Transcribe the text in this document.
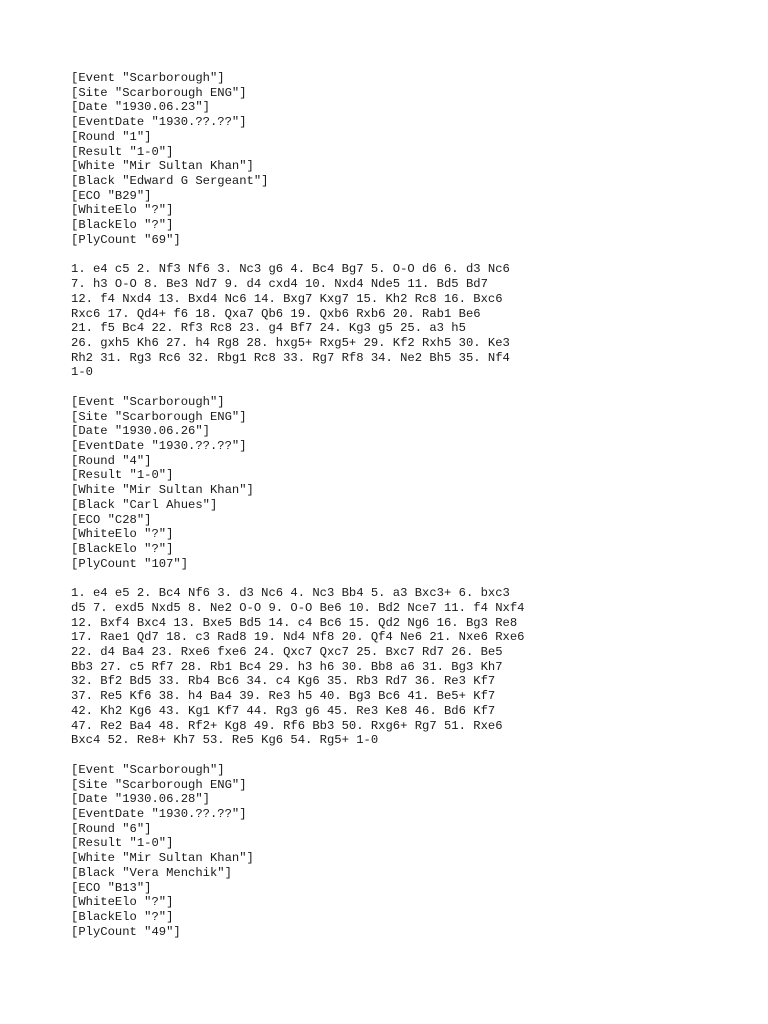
[Event "Scarborough"]
[Site "Scarborough ENG"]
[Date "1930.06.23"]
[EventDate "1930.??.??"]
[Round "1"]
[Result "1-0"]
[White "Mir Sultan Khan"]
[Black "Edward G Sergeant"]
[ECO "B29"]
[WhiteElo "?"]
[BlackElo "?"]
[PlyCount "69"]
1. e4 c5 2. Nf3 Nf6 3. Nc3 g6 4. Bc4 Bg7 5. O-O d6 6. d3 Nc6
7. h3 O-O 8. Be3 Nd7 9. d4 cxd4 10. Nxd4 Nde5 11. Bd5 Bd7
12. f4 Nxd4 13. Bxd4 Nc6 14. Bxg7 Kxg7 15. Kh2 Rc8 16. Bxc6
Rxc6 17. Qd4+ f6 18. Qxa7 Qb6 19. Qxb6 Rxb6 20. Rab1 Be6
21. f5 Bc4 22. Rf3 Rc8 23. g4 Bf7 24. Kg3 g5 25. a3 h5
26. gxh5 Kh6 27. h4 Rg8 28. hxg5+ Rxg5+ 29. Kf2 Rxh5 30. Ke3
Rh2 31. Rg3 Rc6 32. Rbg1 Rc8 33. Rg7 Rf8 34. Ne2 Bh5 35. Nf4
1-0
[Event "Scarborough"]
[Site "Scarborough ENG"]
[Date "1930.06.26"]
[EventDate "1930.??.??"]
[Round "4"]
[Result "1-0"]
[White "Mir Sultan Khan"]
[Black "Carl Ahues"]
[ECO "C28"]
[WhiteElo "?"]
[BlackElo "?"]
[PlyCount "107"]
1. e4 e5 2. Bc4 Nf6 3. d3 Nc6 4. Nc3 Bb4 5. a3 Bxc3+ 6. bxc3
d5 7. exd5 Nxd5 8. Ne2 O-O 9. O-O Be6 10. Bd2 Nce7 11. f4 Nxf4
12. Bxf4 Bxc4 13. Bxe5 Bd5 14. c4 Bc6 15. Qd2 Ng6 16. Bg3 Re8
17. Rae1 Qd7 18. c3 Rad8 19. Nd4 Nf8 20. Qf4 Ne6 21. Nxe6 Rxe6
22. d4 Ba4 23. Rxe6 fxe6 24. Qxc7 Qxc7 25. Bxc7 Rd7 26. Be5
Bb3 27. c5 Rf7 28. Rb1 Bc4 29. h3 h6 30. Bb8 a6 31. Bg3 Kh7
32. Bf2 Bd5 33. Rb4 Bc6 34. c4 Kg6 35. Rb3 Rd7 36. Re3 Kf7
37. Re5 Kf6 38. h4 Ba4 39. Re3 h5 40. Bg3 Bc6 41. Be5+ Kf7
42. Kh2 Kg6 43. Kg1 Kf7 44. Rg3 g6 45. Re3 Ke8 46. Bd6 Kf7
47. Re2 Ba4 48. Rf2+ Kg8 49. Rf6 Bb3 50. Rxg6+ Rg7 51. Rxe6
Bxc4 52. Re8+ Kh7 53. Re5 Kg6 54. Rg5+ 1-0
[Event "Scarborough"]
[Site "Scarborough ENG"]
[Date "1930.06.28"]
[EventDate "1930.??.??"]
[Round "6"]
[Result "1-0"]
[White "Mir Sultan Khan"]
[Black "Vera Menchik"]
[ECO "B13"]
[WhiteElo "?"]
[BlackElo "?"]
[PlyCount "49"]
